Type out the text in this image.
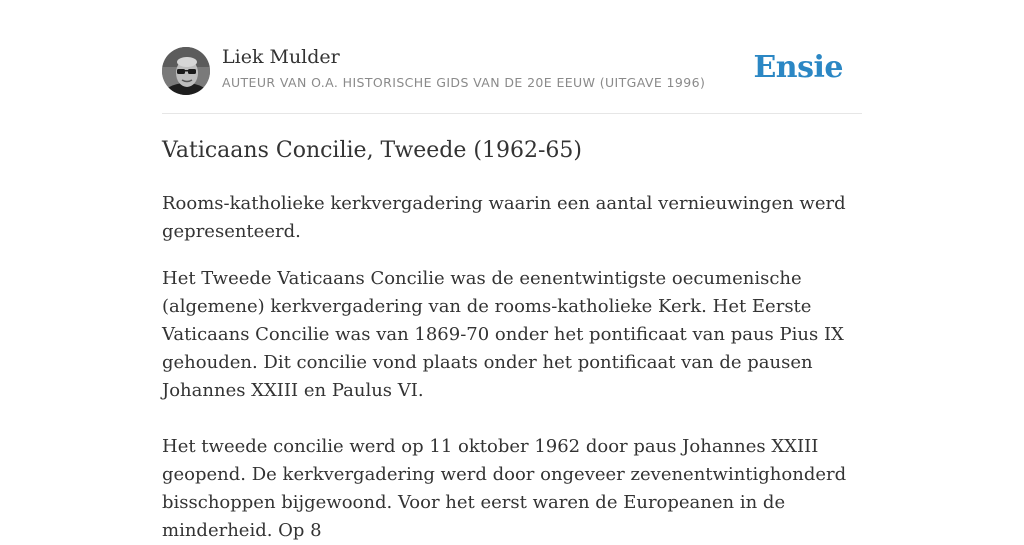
Liek Mulder
AUTEUR VAN O.A. HISTORISCHE GIDS VAN DE 20E EEUW (UITGAVE 1996) Ensie
Vaticaans Concilie, Tweede (1962-65)

Rooms-katholieke kerkvergadering waarin een aantal vernieuwingen werd gepresenteerd.

Het Tweede Vaticaans Concilie was de eenentwintigste oecumenische (algemene) kerkvergadering van de rooms-katholieke Kerk. Het Eerste Vaticaans Concilie was van 1869-70 onder het pontificaat van paus Pius IX gehouden. Dit concilie vond plaats onder het pontificaat van de pausen Johannes XXIII en Paulus VI.

Het tweede concilie werd op 11 oktober 1962 door paus Johannes XXIII geopend. De kerkvergadering werd door ongeveer zevenentwintighonderd bisschoppen bijgewoond. Voor het eerst waren de Europeanen in de minderheid. Op 8
